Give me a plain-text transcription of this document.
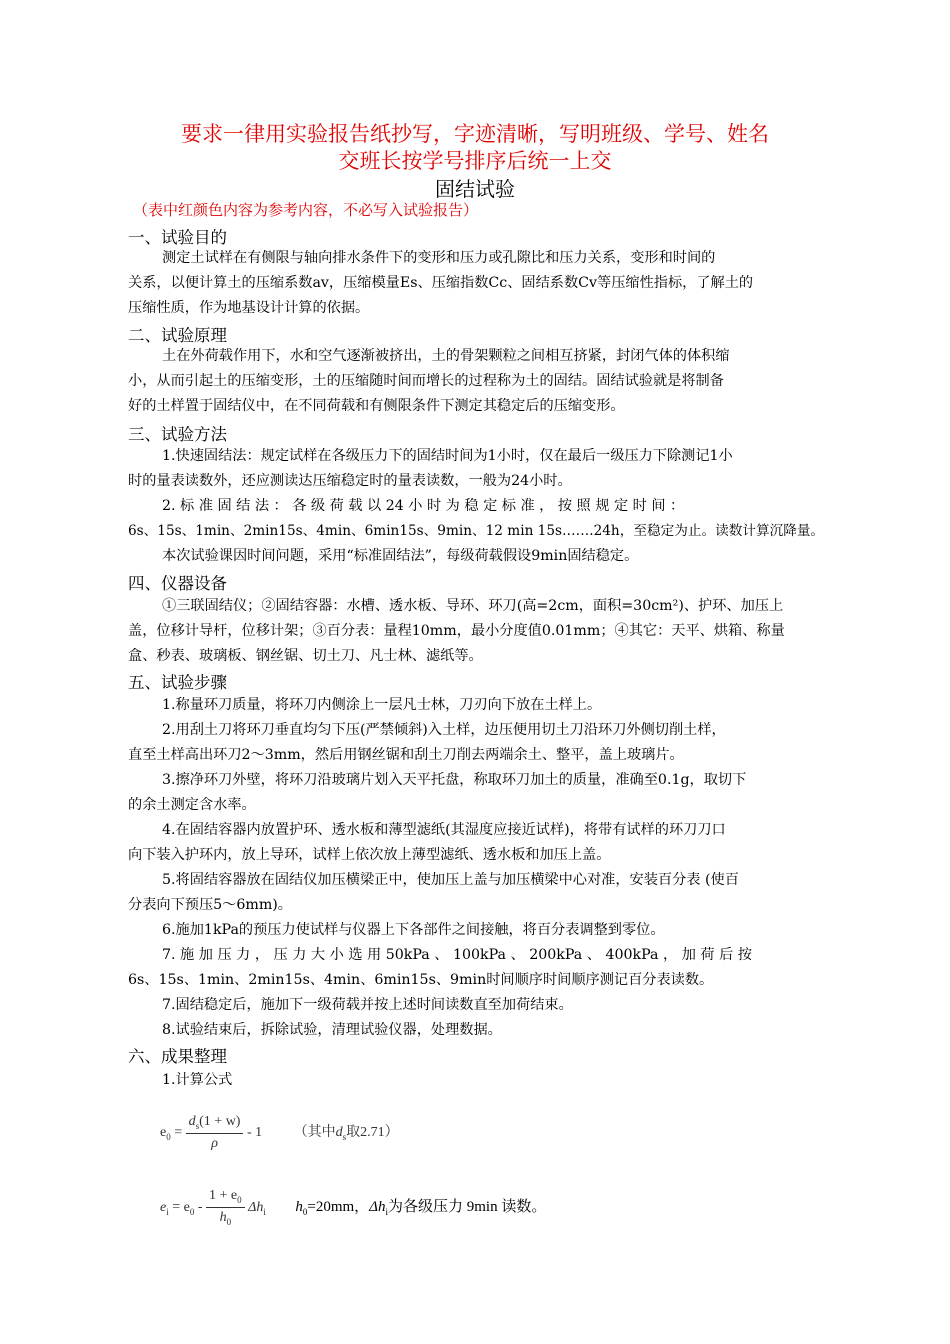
要求一律用实验报告纸抄写，字迹清晰，写明班级、学号、姓名
交班长按学号排序后统一上交
固结试验
（表中红颜色内容为参考内容，不必写入试验报告）
一、试验目的
测定土试样在有侧限与轴向排水条件下的变形和压力或孔隙比和压力关系，变形和时间的
关系，以便计算土的压缩系数av，压缩模量Es、压缩指数Cc、固结系数Cv等压缩性指标，了解土的
压缩性质，作为地基设计计算的依据。
二、试验原理
土在外荷载作用下，水和空气逐渐被挤出，土的骨架颗粒之间相互挤紧，封闭气体的体积缩
小，从而引起土的压缩变形，土的压缩随时间而增长的过程称为土的固结。固结试验就是将制备
好的土样置于固结仪中，在不同荷载和有侧限条件下测定其稳定后的压缩变形。
三、试验方法
1.快速固结法：规定试样在各级压力下的固结时间为1小时，仅在最后一级压力下除测记1小
时的量表读数外，还应测读达压缩稳定时的量表读数，一般为24小时。
2. 标 准 固 结 法 ： 各 级 荷 载 以 24 小 时 为 稳 定 标 准 ， 按 照 规 定 时 间 ：
6s、15s、1min、2min15s、4min、6min15s、9min、12 min 15s…….24h，至稳定为止。读数计算沉降量。
本次试验课因时间问题，采用“标准固结法”，每级荷载假设9min固结稳定。
四、仪器设备
①三联固结仪；②固结容器：水槽、透水板、导环、环刀(高=2cm，面积=30cm²)、护环、加压上
盖，位移计导杆，位移计架；③百分表：量程10mm，最小分度值0.01mm；④其它：天平、烘箱、称量
盒、秒表、玻璃板、钢丝锯、切土刀、凡士林、滤纸等。
五、试验步骤
1.称量环刀质量，将环刀内侧涂上一层凡士林，刀刃向下放在土样上。
2.用刮土刀将环刀垂直均匀下压(严禁倾斜)入土样，边压便用切土刀沿环刀外侧切削土样，
直至土样高出环刀2～3mm，然后用钢丝锯和刮土刀削去两端余土、整平，盖上玻璃片。
3.擦净环刀外壁，将环刀沿玻璃片划入天平托盘，称取环刀加土的质量，准确至0.1g，取切下
的余土测定含水率。
4.在固结容器内放置护环、透水板和薄型滤纸(其湿度应接近试样)，将带有试样的环刀刀口
向下装入护环内，放上导环，试样上依次放上薄型滤纸、透水板和加压上盖。
5.将固结容器放在固结仪加压横梁正中，使加压上盖与加压横梁中心对准，安装百分表 (使百
分表向下预压5～6mm)。
6.施加1kPa的预压力使试样与仪器上下各部件之间接触，将百分表调整到零位。
7. 施 加 压 力 ， 压 力 大 小 选 用 50kPa 、 100kPa 、 200kPa 、 400kPa ， 加 荷 后 按
6s、15s、1min、2min15s、4min、6min15s、9min时间顺序时间顺序测记百分表读数。
7.固结稳定后，施加下一级荷载并按上述时间读数直至加荷结束。
8.试验结束后，拆除试验，清理试验仪器，处理数据。
六、成果整理
1.计算公式
$e_0 = \frac{d_s(1 + w)}{\rho} - 1$ （其中$d_s$取2.71）
$e_i = e_0 - \frac{1 + e_0}{h_0} \Delta h_i$ $h_0=20mm$，$\Delta h_i$为各级压力 9min 读数。
